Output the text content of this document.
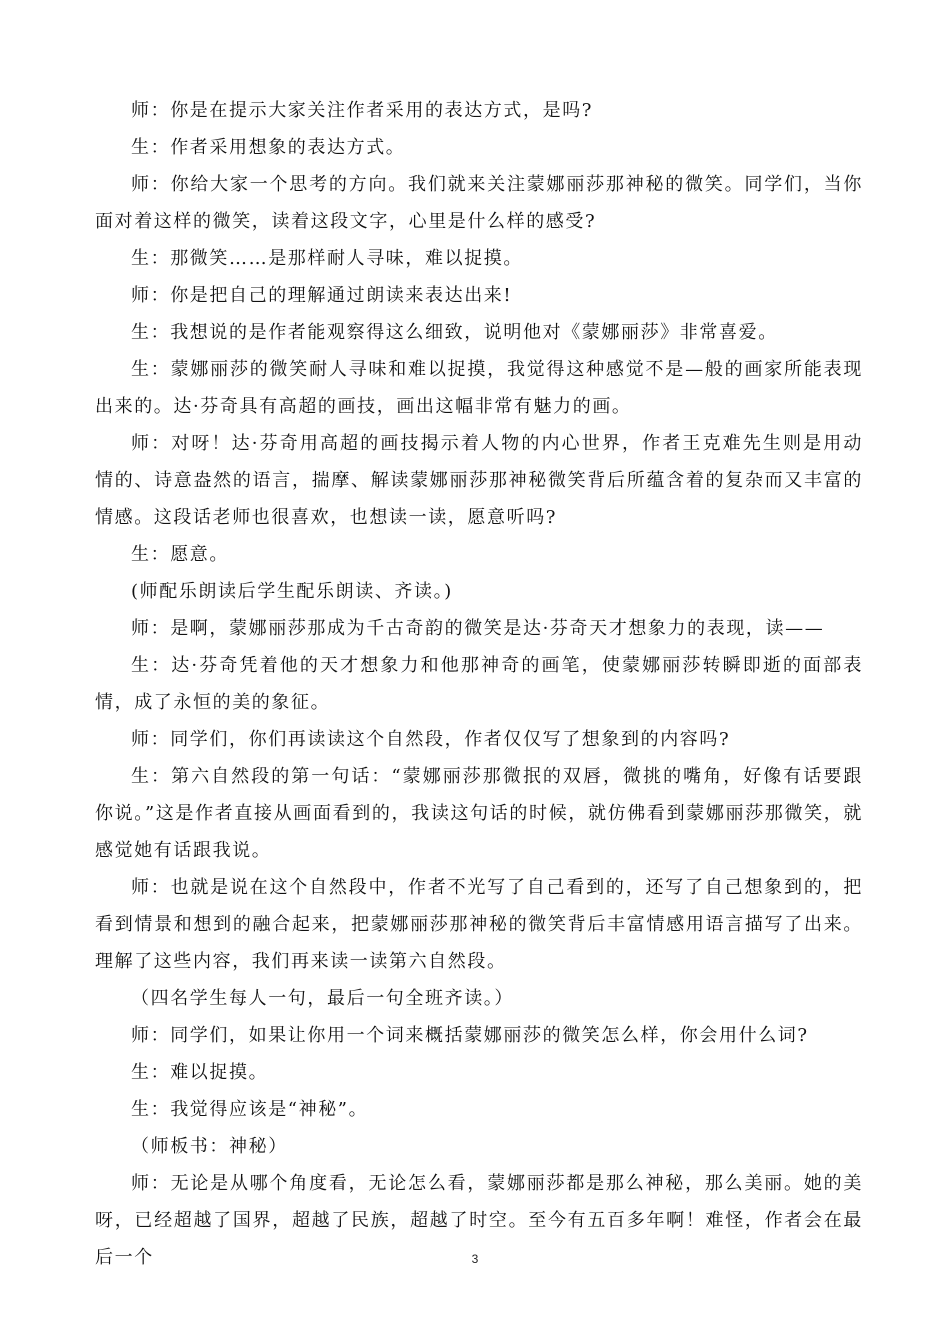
师：你是在提示大家关注作者采用的表达方式，是吗?

生：作者采用想象的表达方式。

师：你给大家一个思考的方向。我们就来关注蒙娜丽莎那神秘的微笑。同学们，当你面对着这样的微笑，读着这段文字，心里是什么样的感受?

生：那微笑……是那样耐人寻味，难以捉摸。

师：你是把自己的理解通过朗读来表达出来!

生：我想说的是作者能观察得这么细致，说明他对《蒙娜丽莎》非常喜爱。

生：蒙娜丽莎的微笑耐人寻味和难以捉摸，我觉得这种感觉不是—般的画家所能表现出来的。达·芬奇具有高超的画技，画出这幅非常有魅力的画。

师：对呀！达·芬奇用高超的画技揭示着人物的内心世界，作者王克难先生则是用动情的、诗意盎然的语言，揣摩、解读蒙娜丽莎那神秘微笑背后所蕴含着的复杂而又丰富的情感。这段话老师也很喜欢，也想读一读，愿意听吗?

生：愿意。

(师配乐朗读后学生配乐朗读、齐读。)

师：是啊，蒙娜丽莎那成为千古奇韵的微笑是达·芬奇天才想象力的表现，读——

生：达·芬奇凭着他的天才想象力和他那神奇的画笔，使蒙娜丽莎转瞬即逝的面部表情，成了永恒的美的象征。

师：同学们，你们再读读这个自然段，作者仅仅写了想象到的内容吗?

生：第六自然段的第一句话：“蒙娜丽莎那微抿的双唇，微挑的嘴角，好像有话要跟你说。”这是作者直接从画面看到的，我读这句话的时候，就仿佛看到蒙娜丽莎那微笑，就感觉她有话跟我说。

师：也就是说在这个自然段中，作者不光写了自己看到的，还写了自己想象到的，把看到情景和想到的融合起来，把蒙娜丽莎那神秘的微笑背后丰富情感用语言描写了出来。理解了这些内容，我们再来读一读第六自然段。

（四名学生每人一句，最后一句全班齐读。）

师：同学们，如果让你用一个词来概括蒙娜丽莎的微笑怎么样，你会用什么词?

生：难以捉摸。

生：我觉得应该是“神秘”。

（师板书：神秘）

师：无论是从哪个角度看，无论怎么看，蒙娜丽莎都是那么神秘，那么美丽。她的美呀，已经超越了国界，超越了民族，超越了时空。至今有五百多年啊！难怪，作者会在最后一个	3
